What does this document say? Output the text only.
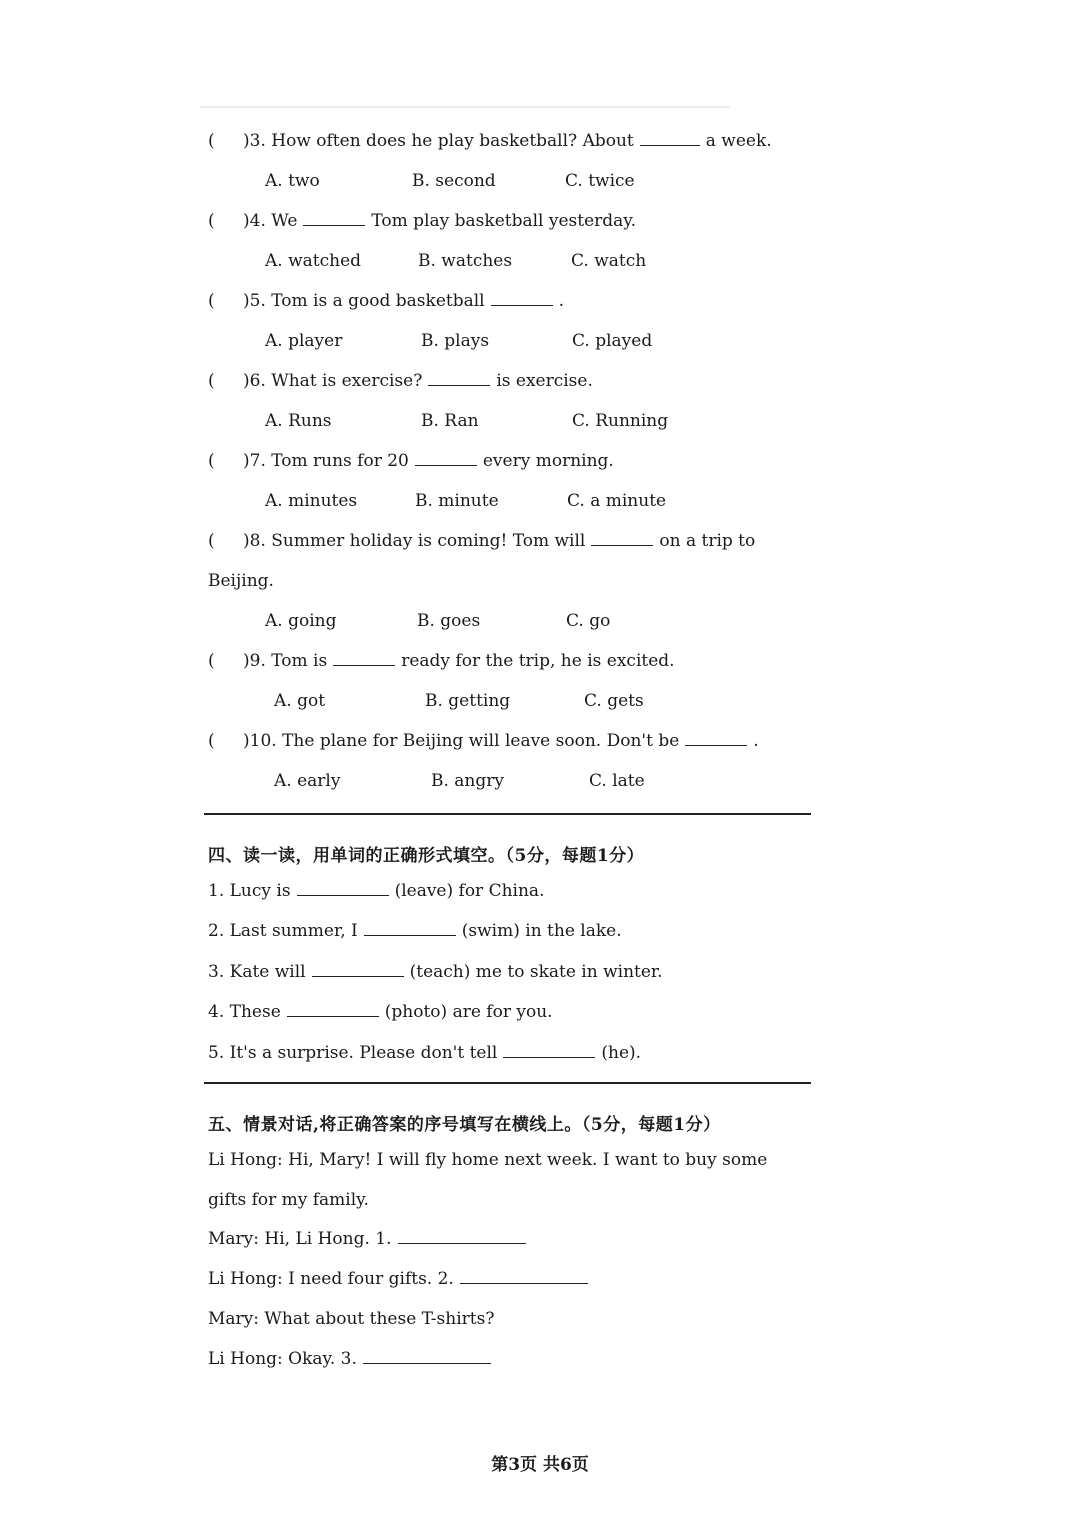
( )3. How often does he play basketball? About	a week.
A. two	B. second	C. twice
( )4. We	Tom play basketball yesterday.
A. watched	B. watches	C. watch
( )5. Tom is a good basketball	.
A. player	B. plays	C. played
( )6. What is exercise?	is exercise.
A. Runs	B. Ran	C. Running
( )7. Tom runs for 20	every morning.
A. minutes	B. minute	C. a minute
( )8. Summer holiday is coming! Tom will	on a trip to
Beijing.
A. going	B. goes	C. go
( )9. Tom is	ready for the trip, he is excited.
A. got	B. getting	C. gets
( )10. The plane for Beijing will leave soon. Don't be	.
A. early	B. angry	C. late
四、读一读，用单词的正确形式填空。（5分，每题1分）
1. Lucy is	(leave) for China.
2. Last summer, I	(swim) in the lake.
3. Kate will	(teach) me to skate in winter.
4. These	(photo) are for you.
5. It's a surprise. Please don't tell	(he).
五、情景对话,将正确答案的序号填写在横线上。（5分，每题1分）
Li Hong: Hi, Mary! I will fly home next week. I want to buy some
gifts for my family.
Mary: Hi, Li Hong. 1.
Li Hong: I need four gifts. 2.
Mary: What about these T-shirts?
Li Hong: Okay. 3.
第3页 共6页
